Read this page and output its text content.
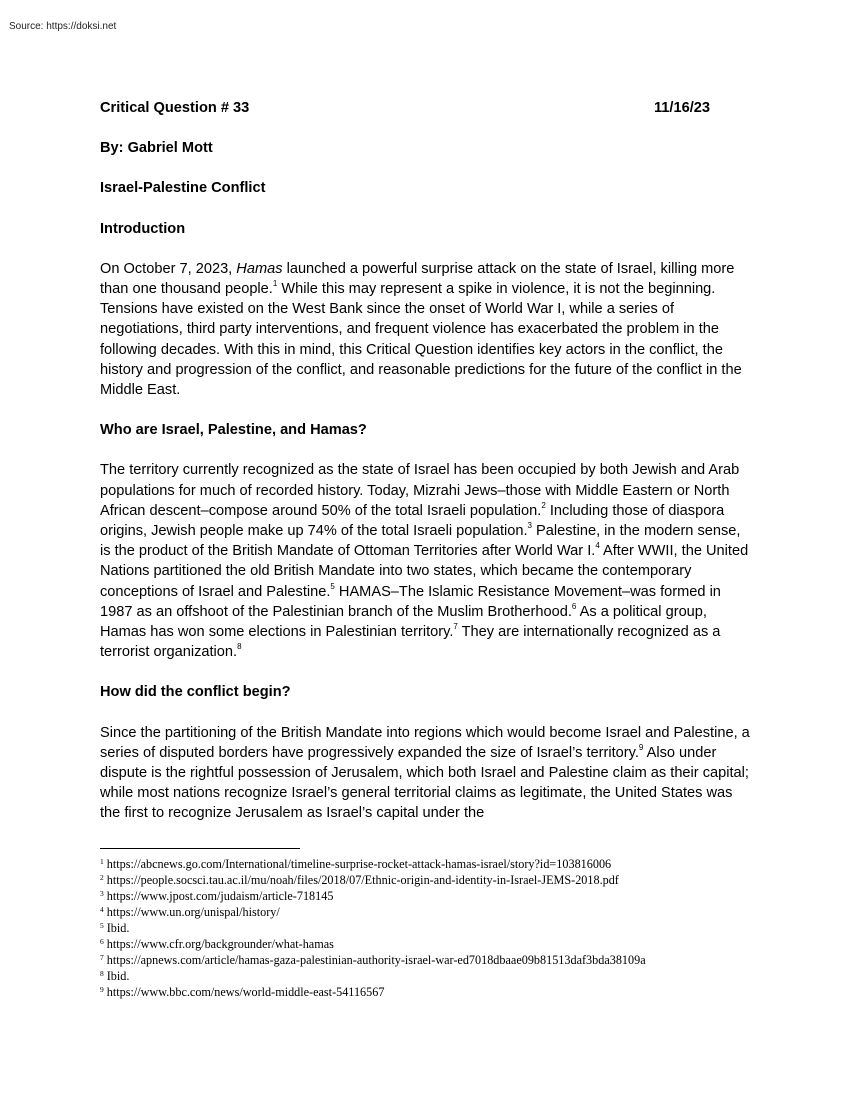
Source: https://doksi.net
Critical Question # 33	11/16/23
By: Gabriel Mott
Israel-Palestine Conflict
Introduction

On October 7, 2023, Hamas launched a powerful surprise attack on the state of Israel, killing more than one thousand people.$^1$ While this may represent a spike in violence, it is not the beginning. Tensions have existed on the West Bank since the onset of World War I, while a series of negotiations, third party interventions, and frequent violence has exacerbated the problem in the following decades. With this in mind, this Critical Question identifies key actors in the conflict, the history and progression of the conflict, and reasonable predictions for the future of the conflict in the Middle East.

Who are Israel, Palestine, and Hamas?

The territory currently recognized as the state of Israel has been occupied by both Jewish and Arab populations for much of recorded history. Today, Mizrahi Jews–those with Middle Eastern or North African descent–compose around 50% of the total Israeli population.$^2$ Including those of diaspora origins, Jewish people make up 74% of the total Israeli population.$^3$ Palestine, in the modern sense, is the product of the British Mandate of Ottoman Territories after World War I.$^4$ After WWII, the United Nations partitioned the old British Mandate into two states, which became the contemporary conceptions of Israel and Palestine.$^5$ HAMAS–The Islamic Resistance Movement–was formed in 1987 as an offshoot of the Palestinian branch of the Muslim Brotherhood.$^6$ As a political group, Hamas has won some elections in Palestinian territory.$^7$ They are internationally recognized as a terrorist organization.$^8$

How did the conflict begin?

Since the partitioning of the British Mandate into regions which would become Israel and Palestine, a series of disputed borders have progressively expanded the size of Israel’s territory.$^9$ Also under dispute is the rightful possession of Jerusalem, which both Israel and Palestine claim as their capital; while most nations recognize Israel’s general territorial claims as legitimate, the United States was the first to recognize Jerusalem as Israel’s capital under the

$^1$ https://abcnews.go.com/International/timeline-surprise-rocket-attack-hamas-israel/story?id=103816006
$^2$ https://people.socsci.tau.ac.il/mu/noah/files/2018/07/Ethnic-origin-and-identity-in-Israel-JEMS-2018.pdf
$^3$ https://www.jpost.com/judaism/article-718145
$^4$ https://www.un.org/unispal/history/
$^5$ Ibid.
$^6$ https://www.cfr.org/backgrounder/what-hamas
$^7$ https://apnews.com/article/hamas-gaza-palestinian-authority-israel-war-ed7018dbaae09b81513daf3bda38109a
$^8$ Ibid.
$^9$ https://www.bbc.com/news/world-middle-east-54116567
